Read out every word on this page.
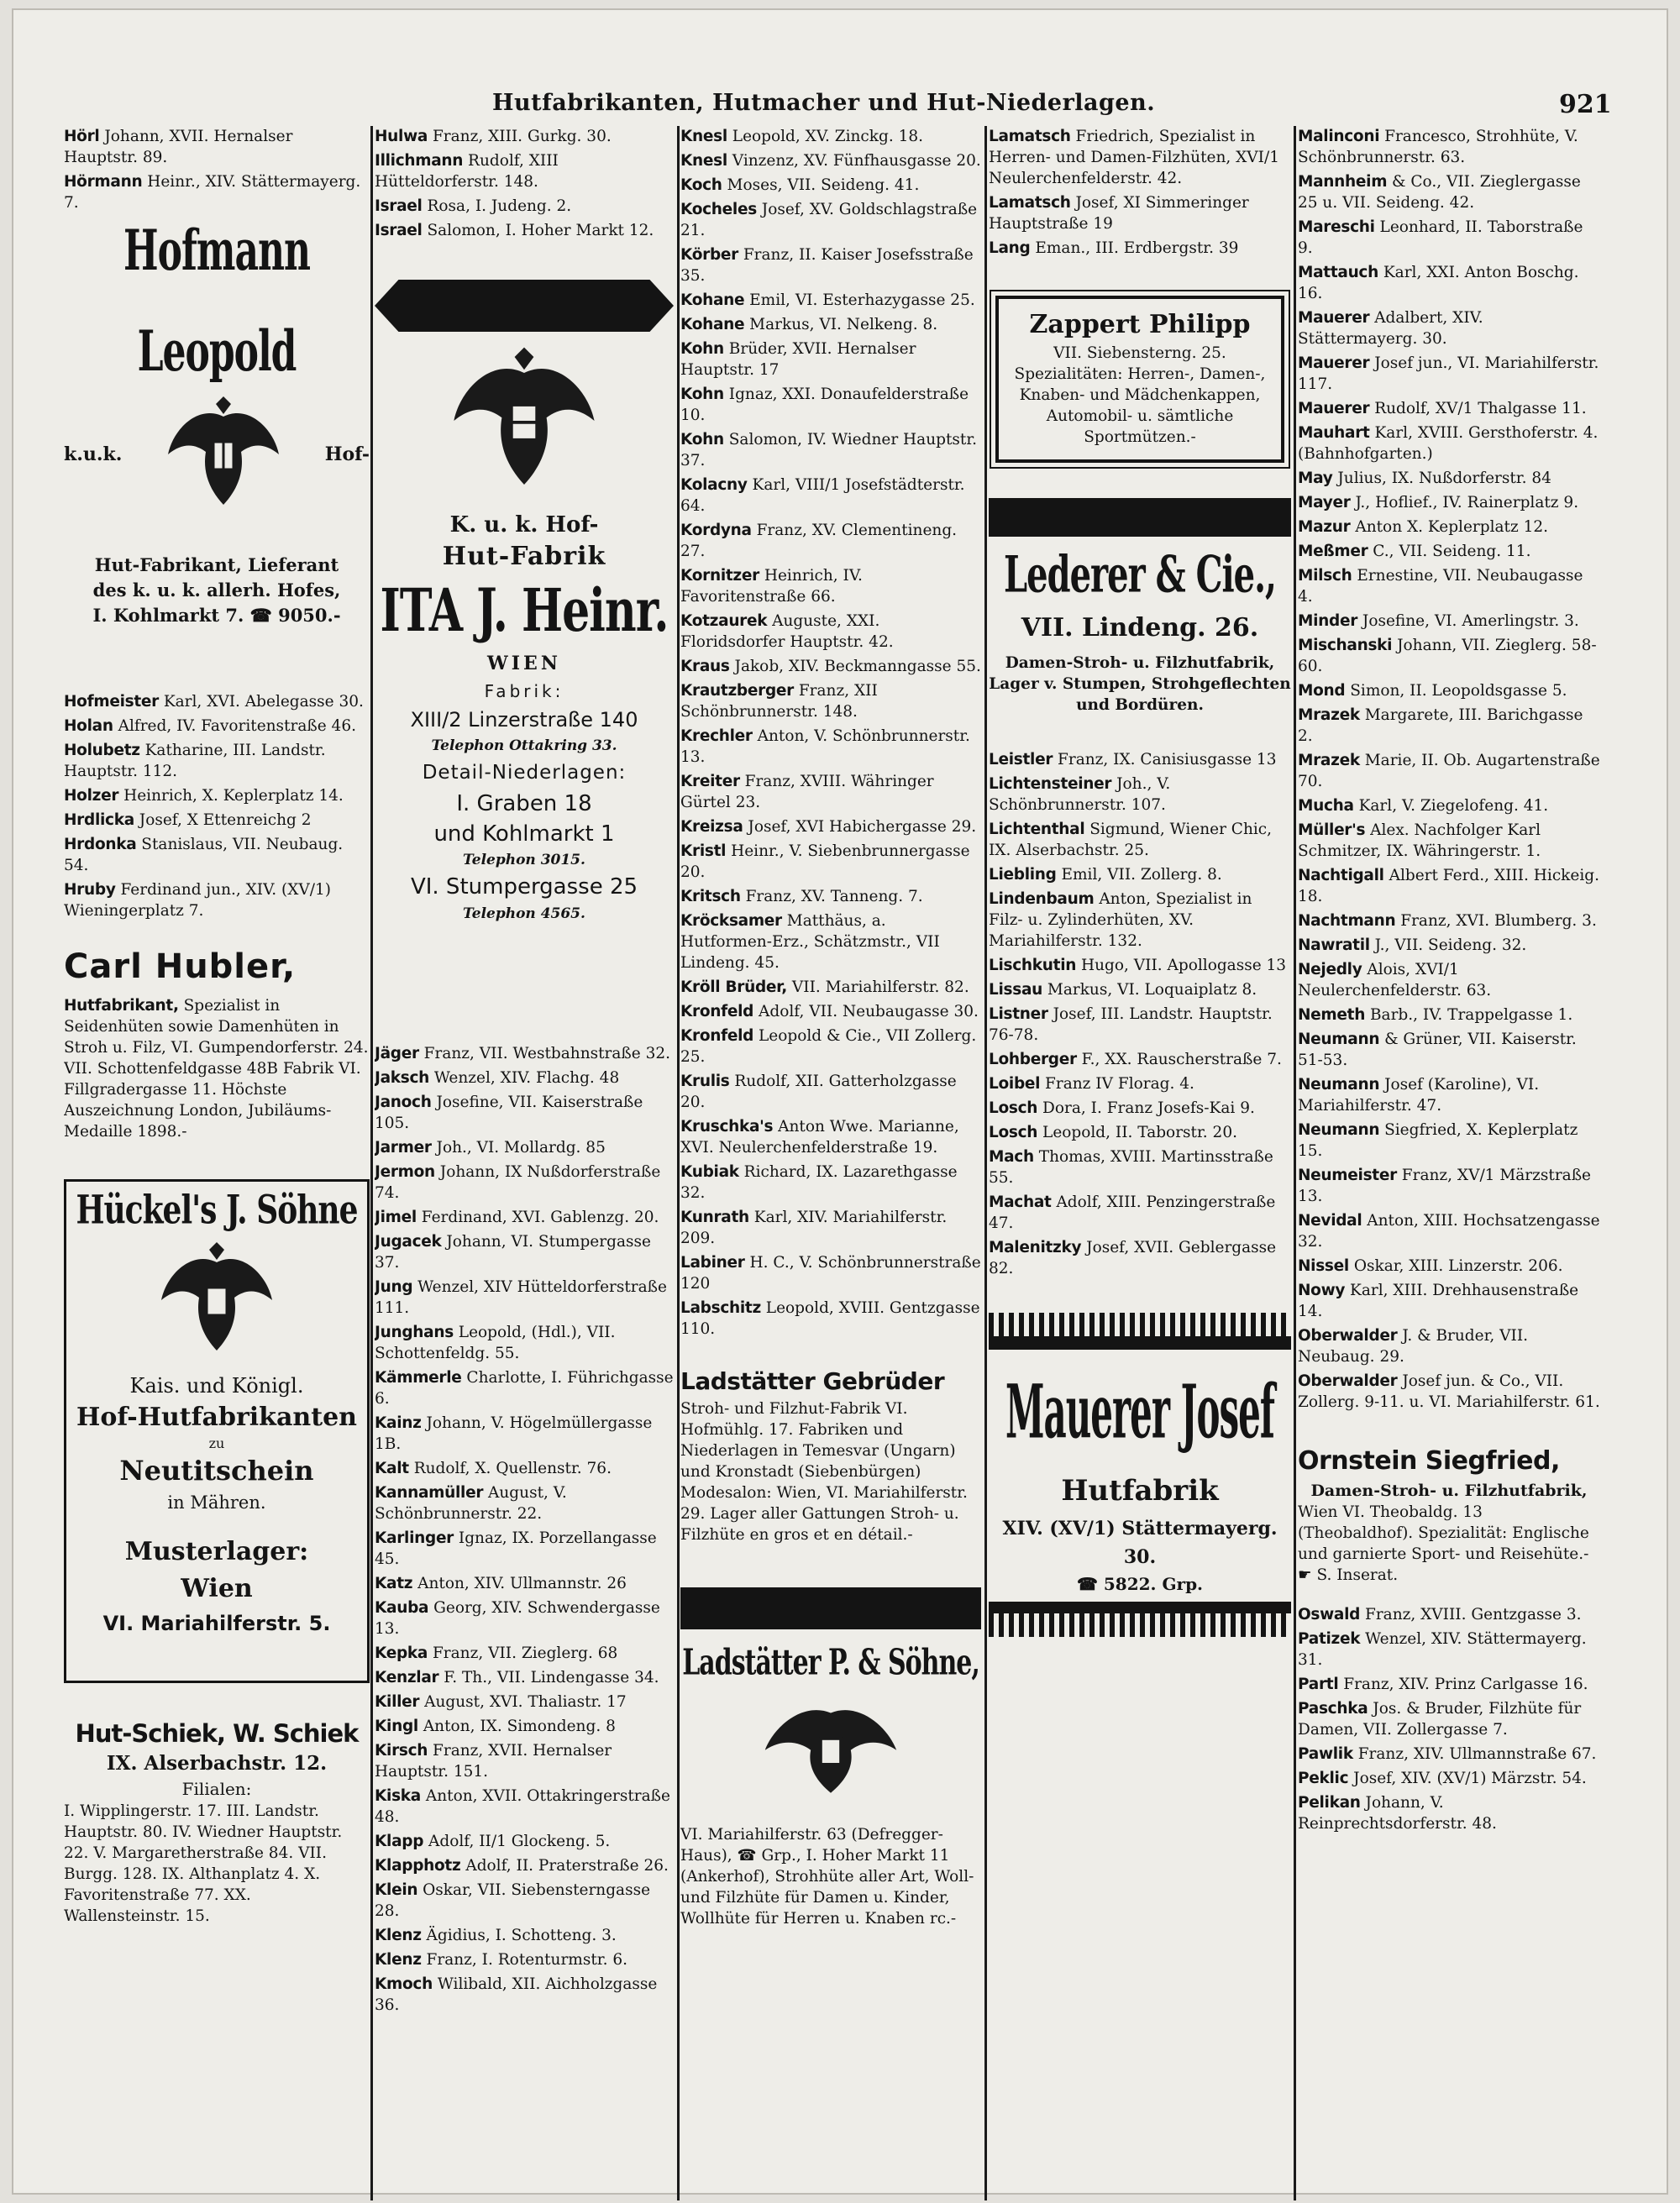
Hutfabrikanten, Hutmacher und Hut-Niederlagen.	921
Hörl Johann, XVII. Hernalser Hauptstr. 89.
Hörmann Heinr., XIV. Stättermayerg. 7.
Hofmann Leopold
k.u.k.	Hof-
Hut-Fabrikant, Lieferant
des k. u. k. allerh. Hofes,
I. Kohlmarkt 7. ☎ 9050.-
Hofmeister Karl, XVI. Abelegasse 30.
Holan Alfred, IV. Favoritenstraße 46.
Holubetz Katharine, III. Landstr. Hauptstr. 112.
Holzer Heinrich, X. Keplerplatz 14.
Hrdlicka Josef, X Ettenreichg 2
Hrdonka Stanislaus, VII. Neubaug. 54.
Hruby Ferdinand jun., XIV. (XV/1) Wieningerplatz 7.
Carl Hubler,
Hutfabrikant, Spezialist in Seidenhüten sowie Damenhüten in Stroh u. Filz, VI. Gumpendorferstr. 24. VII. Schottenfeldgasse 48B Fabrik VI. Fillgradergasse 11. Höchste Auszeichnung London, Jubiläums-Medaille 1898.-
Hückel's J. Söhne
Kais. und Königl.
Hof-Hutfabrikanten
zu
Neutitschein
in Mähren.
Musterlager:
Wien
VI. Mariahilferstr. 5.
Hut-Schiek, W. Schiek
IX. Alserbachstr. 12.
Filialen:
I. Wipplingerstr. 17. III. Landstr. Hauptstr. 80. IV. Wiedner Hauptstr. 22. V. Margaretherstraße 84. VII. Burgg. 128. IX. Althanplatz 4. X. Favoritenstraße 77. XX. Wallensteinstr. 15.
Hulwa Franz, XIII. Gurkg. 30.
Illichmann Rudolf, XIII Hütteldorferstr. 148.
Israel Rosa, I. Judeng. 2.
Israel Salomon, I. Hoher Markt 12.
K. u. k. Hof-
Hut-Fabrik
ITA J. Heinr.
WIEN
Fabrik:
XIII/2 Linzerstraße 140
Telephon Ottakring 33.
Detail-Niederlagen:
I. Graben 18
und Kohlmarkt 1
Telephon 3015.
VI. Stumpergasse 25
Telephon 4565.
Jäger Franz, VII. Westbahnstraße 32.
Jaksch Wenzel, XIV. Flachg. 48
Janoch Josefine, VII. Kaiserstraße 105.
Jarmer Joh., VI. Mollardg. 85
Jermon Johann, IX Nußdorferstraße 74.
Jimel Ferdinand, XVI. Gablenzg. 20.
Jugacek Johann, VI. Stumpergasse 37.
Jung Wenzel, XIV Hütteldorferstraße 111.
Junghans Leopold, (Hdl.), VII. Schottenfeldg. 55.
Kämmerle Charlotte, I. Führichgasse 6.
Kainz Johann, V. Högelmüllergasse 1B.
Kalt Rudolf, X. Quellenstr. 76.
Kannamüller August, V. Schönbrunnerstr. 22.
Karlinger Ignaz, IX. Porzellangasse 45.
Katz Anton, XIV. Ullmannstr. 26
Kauba Georg, XIV. Schwendergasse 13.
Kepka Franz, VII. Zieglerg. 68
Kenzlar F. Th., VII. Lindengasse 34.
Killer August, XVI. Thaliastr. 17
Kingl Anton, IX. Simondeng. 8
Kirsch Franz, XVII. Hernalser Hauptstr. 151.
Kiska Anton, XVII. Ottakringerstraße 48.
Klapp Adolf, II/1 Glockeng. 5.
Klapphotz Adolf, II. Praterstraße 26.
Klein Oskar, VII. Siebensterngasse 28.
Klenz Ägidius, I. Schotteng. 3.
Klenz Franz, I. Rotenturmstr. 6.
Kmoch Wilibald, XII. Aichholzgasse 36.
Knesl Leopold, XV. Zinckg. 18.
Knesl Vinzenz, XV. Fünfhausgasse 20.
Koch Moses, VII. Seideng. 41.
Kocheles Josef, XV. Goldschlagstraße 21.
Körber Franz, II. Kaiser Josefsstraße 35.
Kohane Emil, VI. Esterhazygasse 25.
Kohane Markus, VI. Nelkeng. 8.
Kohn Brüder, XVII. Hernalser Hauptstr. 17
Kohn Ignaz, XXI. Donaufelderstraße 10.
Kohn Salomon, IV. Wiedner Hauptstr. 37.
Kolacny Karl, VIII/1 Josefstädterstr. 64.
Kordyna Franz, XV. Clementineng. 27.
Kornitzer Heinrich, IV. Favoritenstraße 66.
Kotzaurek Auguste, XXI. Floridsdorfer Hauptstr. 42.
Kraus Jakob, XIV. Beckmanngasse 55.
Krautzberger Franz, XII Schönbrunnerstr. 148.
Krechler Anton, V. Schönbrunnerstr. 13.
Kreiter Franz, XVIII. Währinger Gürtel 23.
Kreizsa Josef, XVI Habichergasse 29.
Kristl Heinr., V. Siebenbrunnergasse 20.
Kritsch Franz, XV. Tanneng. 7.
Kröcksamer Matthäus, a. Hutformen-Erz., Schätzmstr., VII Lindeng. 45.
Kröll Brüder, VII. Mariahilferstr. 82.
Kronfeld Adolf, VII. Neubaugasse 30.
Kronfeld Leopold & Cie., VII Zollerg. 25.
Krulis Rudolf, XII. Gatterholzgasse 20.
Kruschka's Anton Wwe. Marianne, XVI. Neulerchenfelderstraße 19.
Kubiak Richard, IX. Lazarethgasse 32.
Kunrath Karl, XIV. Mariahilferstr. 209.
Labiner H. C., V. Schönbrunnerstraße 120
Labschitz Leopold, XVIII. Gentzgasse 110.
Ladstätter Gebrüder
Stroh- und Filzhut-Fabrik VI. Hofmühlg. 17. Fabriken und Niederlagen in Temesvar (Ungarn) und Kronstadt (Siebenbürgen) Modesalon: Wien, VI. Mariahilferstr. 29. Lager aller Gattungen Stroh- u. Filzhüte en gros et en détail.-
Ladstätter P. & Söhne,
VI. Mariahilferstr. 63 (Defregger-Haus), ☎ Grp., I. Hoher Markt 11 (Ankerhof), Strohhüte aller Art, Woll- und Filzhüte für Damen u. Kinder, Wollhüte für Herren u. Knaben rc.-
Lamatsch Friedrich, Spezialist in Herren- und Damen-Filzhüten, XVI/1 Neulerchenfelderstr. 42.
Lamatsch Josef, XI Simmeringer Hauptstraße 19
Lang Eman., III. Erdbergstr. 39
Zappert Philipp
VII. Siebensterng. 25. Spezialitäten: Herren-, Damen-, Knaben- und Mädchenkappen, Automobil- u. sämtliche Sportmützen.-
Lederer & Cie.,
VII. Lindeng. 26.
Damen-Stroh- u. Filzhutfabrik, Lager v. Stumpen, Strohgeflechten und Bordüren.
Leistler Franz, IX. Canisiusgasse 13
Lichtensteiner Joh., V. Schönbrunnerstr. 107.
Lichtenthal Sigmund, Wiener Chic, IX. Alserbachstr. 25.
Liebling Emil, VII. Zollerg. 8.
Lindenbaum Anton, Spezialist in Filz- u. Zylinderhüten, XV. Mariahilferstr. 132.
Lischkutin Hugo, VII. Apollogasse 13
Lissau Markus, VI. Loquaiplatz 8.
Listner Josef, III. Landstr. Hauptstr. 76-78.
Lohberger F., XX. Rauscherstraße 7.
Loibel Franz IV Florag. 4.
Losch Dora, I. Franz Josefs-Kai 9.
Losch Leopold, II. Taborstr. 20.
Mach Thomas, XVIII. Martinsstraße 55.
Machat Adolf, XIII. Penzingerstraße 47.
Malenitzky Josef, XVII. Geblergasse 82.
Mauerer Josef
Hutfabrik
XIV. (XV/1) Stättermayerg. 30.
☎ 5822. Grp.
Malinconi Francesco, Strohhüte, V. Schönbrunnerstr. 63.
Mannheim & Co., VII. Zieglergasse 25 u. VII. Seideng. 42.
Mareschi Leonhard, II. Taborstraße 9.
Mattauch Karl, XXI. Anton Boschg. 16.
Mauerer Adalbert, XIV. Stättermayerg. 30.
Mauerer Josef jun., VI. Mariahilferstr. 117.
Mauerer Rudolf, XV/1 Thalgasse 11.
Mauhart Karl, XVIII. Gersthoferstr. 4. (Bahnhofgarten.)
May Julius, IX. Nußdorferstr. 84
Mayer J., Hoflief., IV. Rainerplatz 9.
Mazur Anton X. Keplerplatz 12.
Meßmer C., VII. Seideng. 11.
Milsch Ernestine, VII. Neubaugasse 4.
Minder Josefine, VI. Amerlingstr. 3.
Mischanski Johann, VII. Zieglerg. 58-60.
Mond Simon, II. Leopoldsgasse 5.
Mrazek Margarete, III. Barichgasse 2.
Mrazek Marie, II. Ob. Augartenstraße 70.
Mucha Karl, V. Ziegelofeng. 41.
Müller's Alex. Nachfolger Karl Schmitzer, IX. Währingerstr. 1.
Nachtigall Albert Ferd., XIII. Hickeig. 18.
Nachtmann Franz, XVI. Blumberg. 3.
Nawratil J., VII. Seideng. 32.
Nejedly Alois, XVI/1 Neulerchenfelderstr. 63.
Nemeth Barb., IV. Trappelgasse 1.
Neumann & Grüner, VII. Kaiserstr. 51-53.
Neumann Josef (Karoline), VI. Mariahilferstr. 47.
Neumann Siegfried, X. Keplerplatz 15.
Neumeister Franz, XV/1 Märzstraße 13.
Nevidal Anton, XIII. Hochsatzengasse 32.
Nissel Oskar, XIII. Linzerstr. 206.
Nowy Karl, XIII. Drehhausenstraße 14.
Oberwalder J. & Bruder, VII. Neubaug. 29.
Oberwalder Josef jun. & Co., VII. Zollerg. 9-11. u. VI. Mariahilferstr. 61.
Ornstein Siegfried,
Damen-Stroh- u. Filzhutfabrik,
Wien VI. Theobaldg. 13 (Theobaldhof). Spezialität: Englische und garnierte Sport- und Reisehüte.- ☛ S. Inserat.
Oswald Franz, XVIII. Gentzgasse 3.
Patizek Wenzel, XIV. Stättermayerg. 31.
Partl Franz, XIV. Prinz Carlgasse 16.
Paschka Jos. & Bruder, Filzhüte für Damen, VII. Zollergasse 7.
Pawlik Franz, XIV. Ullmannstraße 67.
Peklic Josef, XIV. (XV/1) Märzstr. 54.
Pelikan Johann, V. Reinprechtsdorferstr. 48.
